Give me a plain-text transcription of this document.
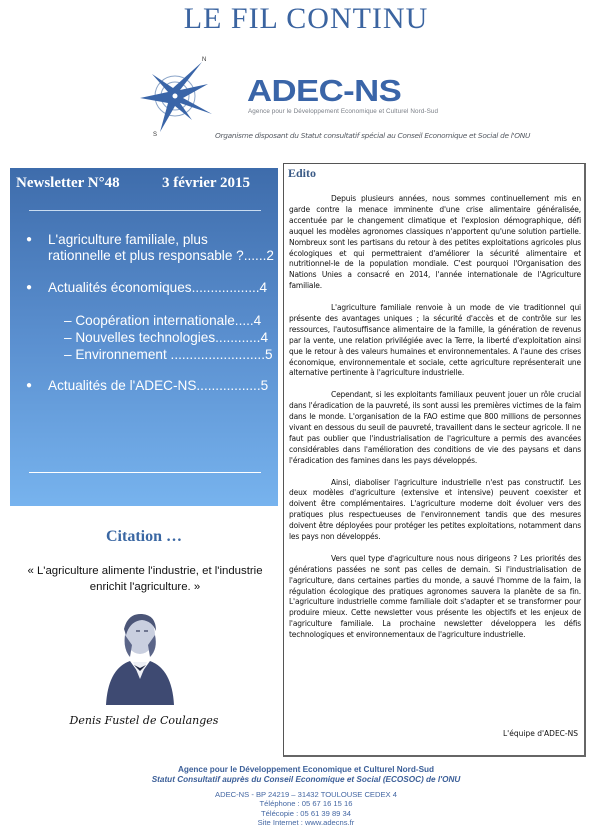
LE FIL CONTINU
N
S
ADEC-NS
Agence pour le Développement Economique et Culturel Nord-Sud
Organisme disposant du Statut consultatif spécial au Conseil Economique et Social de l'ONU
Newsletter N°48	3 février 2015
● L'agriculture familiale, plus
rationnelle et plus responsable ?......2
● Actualités économiques..................4
– Coopération internationale.....4
– Nouvelles technologies............4
– Environnement .........................5
● Actualités de l'ADEC-NS.................5
Citation …
« L'agriculture alimente l'industrie, et l'industrie enrichit l'agriculture. »
Denis Fustel de Coulanges
Edito

Depuis plusieurs années, nous sommes continuellement mis en garde contre la menace imminente d'une crise alimentaire généralisée, accentuée par le changement climatique et l'explosion démographique, défi auquel les modèles agronomes classiques n'apportent qu'une solution partielle. Nombreux sont les partisans du retour à des petites exploitations agricoles plus écologiques et qui permettraient d'améliorer la sécurité alimentaire et nutritionnel-le de la population mondiale. C'est pourquoi l'Organisation des Nations Unies a consacré en 2014, l'année internationale de l'Agriculture familiale.

L'agriculture familiale renvoie à un mode de vie traditionnel qui présente des avantages uniques ; la sécurité d'accès et de contrôle sur les ressources, l'autosuffisance alimentaire de la famille, la génération de revenus par la vente, une relation privilégiée avec la Terre, la liberté d'exploitation ainsi que le retour à des valeurs humaines et environnementales. A l'aune des crises économique, environnementale et sociale, cette agriculture représenterait une alternative pertinente à l'agriculture industrielle.

Cependant, si les exploitants familiaux peuvent jouer un rôle crucial dans l'éradication de la pauvreté, ils sont aussi les premières victimes de la faim dans le monde. L'organisation de la FAO estime que 800 millions de personnes vivant en dessous du seuil de pauvreté, travaillent dans le secteur agricole. Il ne faut pas oublier que l'industrialisation de l'agriculture a permis des avancées considérables dans l'amélioration des conditions de vie des paysans et dans l'éradication des famines dans les pays développés.

Ainsi, diaboliser l'agriculture industrielle n'est pas constructif. Les deux modèles d'agriculture (extensive et intensive) peuvent coexister et doivent être complémentaires. L'agriculture moderne doit évoluer vers des pratiques plus respectueuses de l'environnement tandis que des mesures doivent être déployées pour protéger les petites exploitations, notamment dans les pays non développés.

Vers quel type d'agriculture nous nous dirigeons ? Les priorités des générations passées ne sont pas celles de demain. Si l'industrialisation de l'agriculture, dans certaines parties du monde, a sauvé l'homme de la faim, la régulation écologique des pratiques agronomes sauvera la planète de sa fin. L'agriculture industrielle comme familiale doit s'adapter et se transformer pour produire mieux. Cette newsletter vous présente les objectifs et les enjeux de l'agriculture familiale. La prochaine newsletter développera les défis technologiques et environnementaux de l'agriculture industrielle.

L'équipe d'ADEC-NS
Agence pour le Développement Economique et Culturel Nord-Sud
Statut Consultatif auprès du Conseil Economique et Social (ECOSOC) de l'ONU
ADEC-NS - BP 24219 – 31432 TOULOUSE CEDEX 4
Téléphone : 05 67 16 15 16
Télécopie : 05 61 39 89 34
Site Internet : www.adecns.fr
